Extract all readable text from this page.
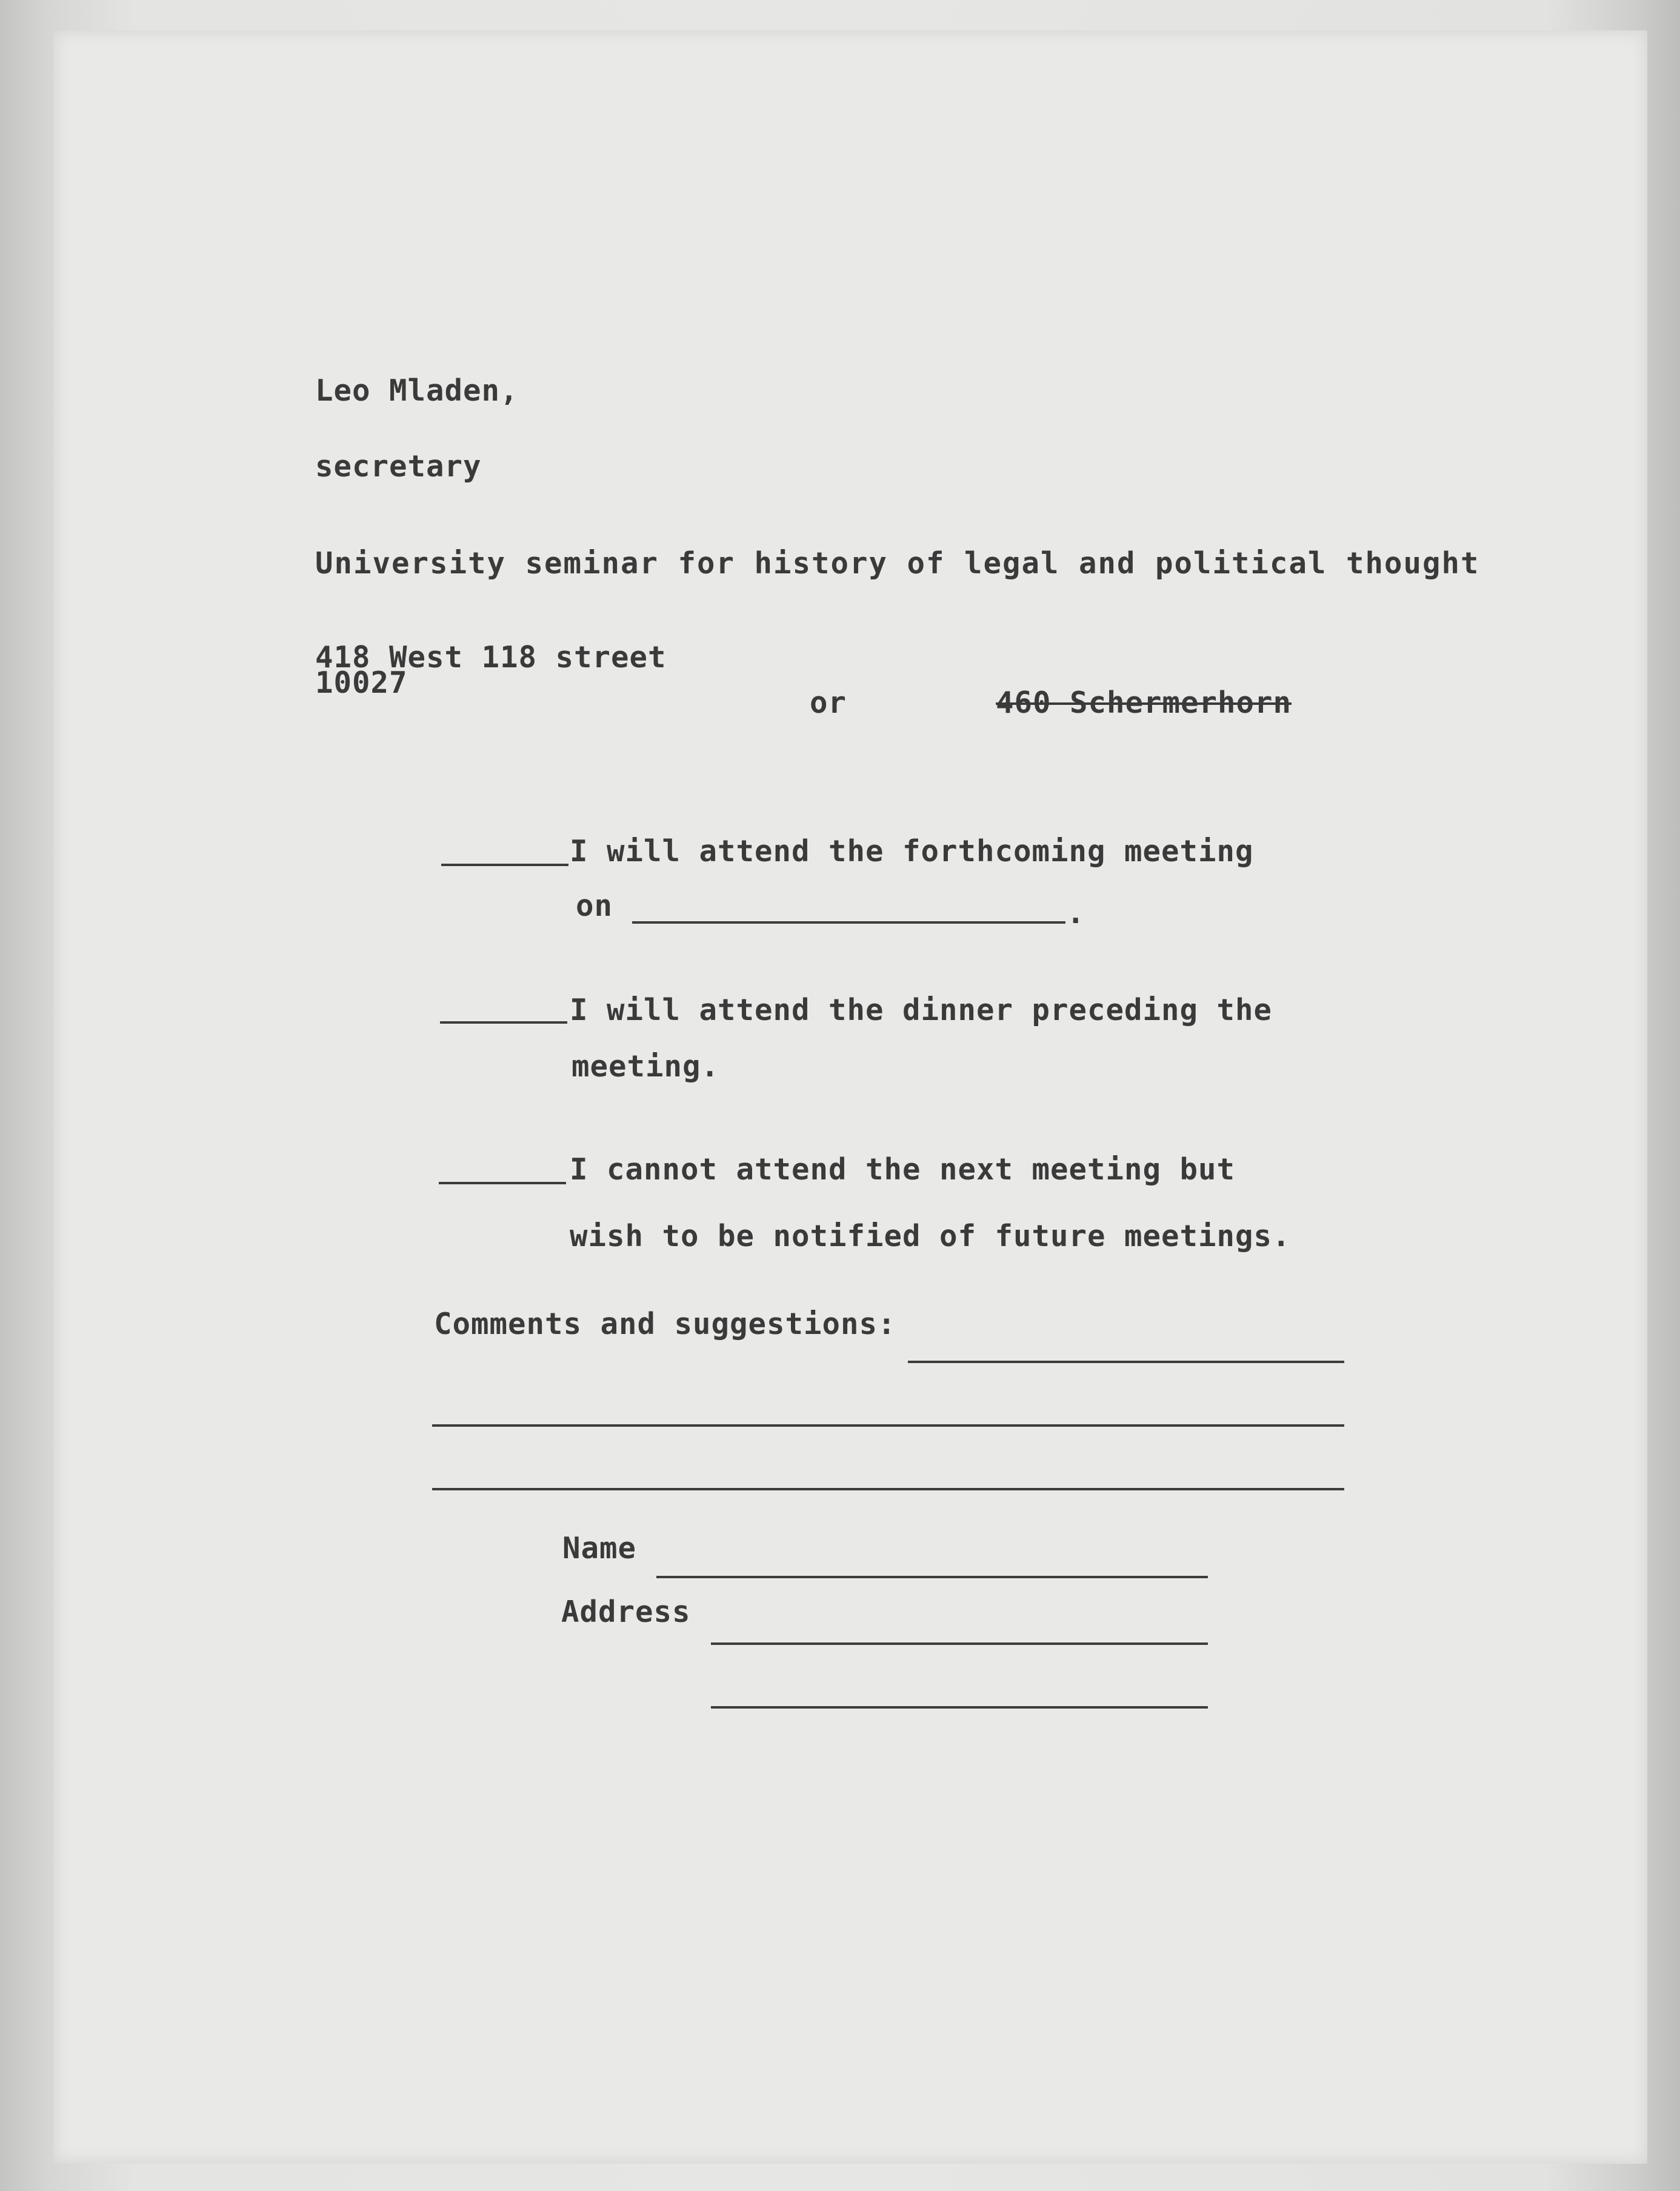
Leo Mladen,
secretary
University seminar for history of legal and political thought
418 West 118 street
10027
or	460 Schermerhorn
I will attend the forthcoming meeting
on	.
I will attend the dinner preceding the
meeting.
I cannot attend the next meeting but
wish to be notified of future meetings.
Comments and suggestions:
Name
Address
